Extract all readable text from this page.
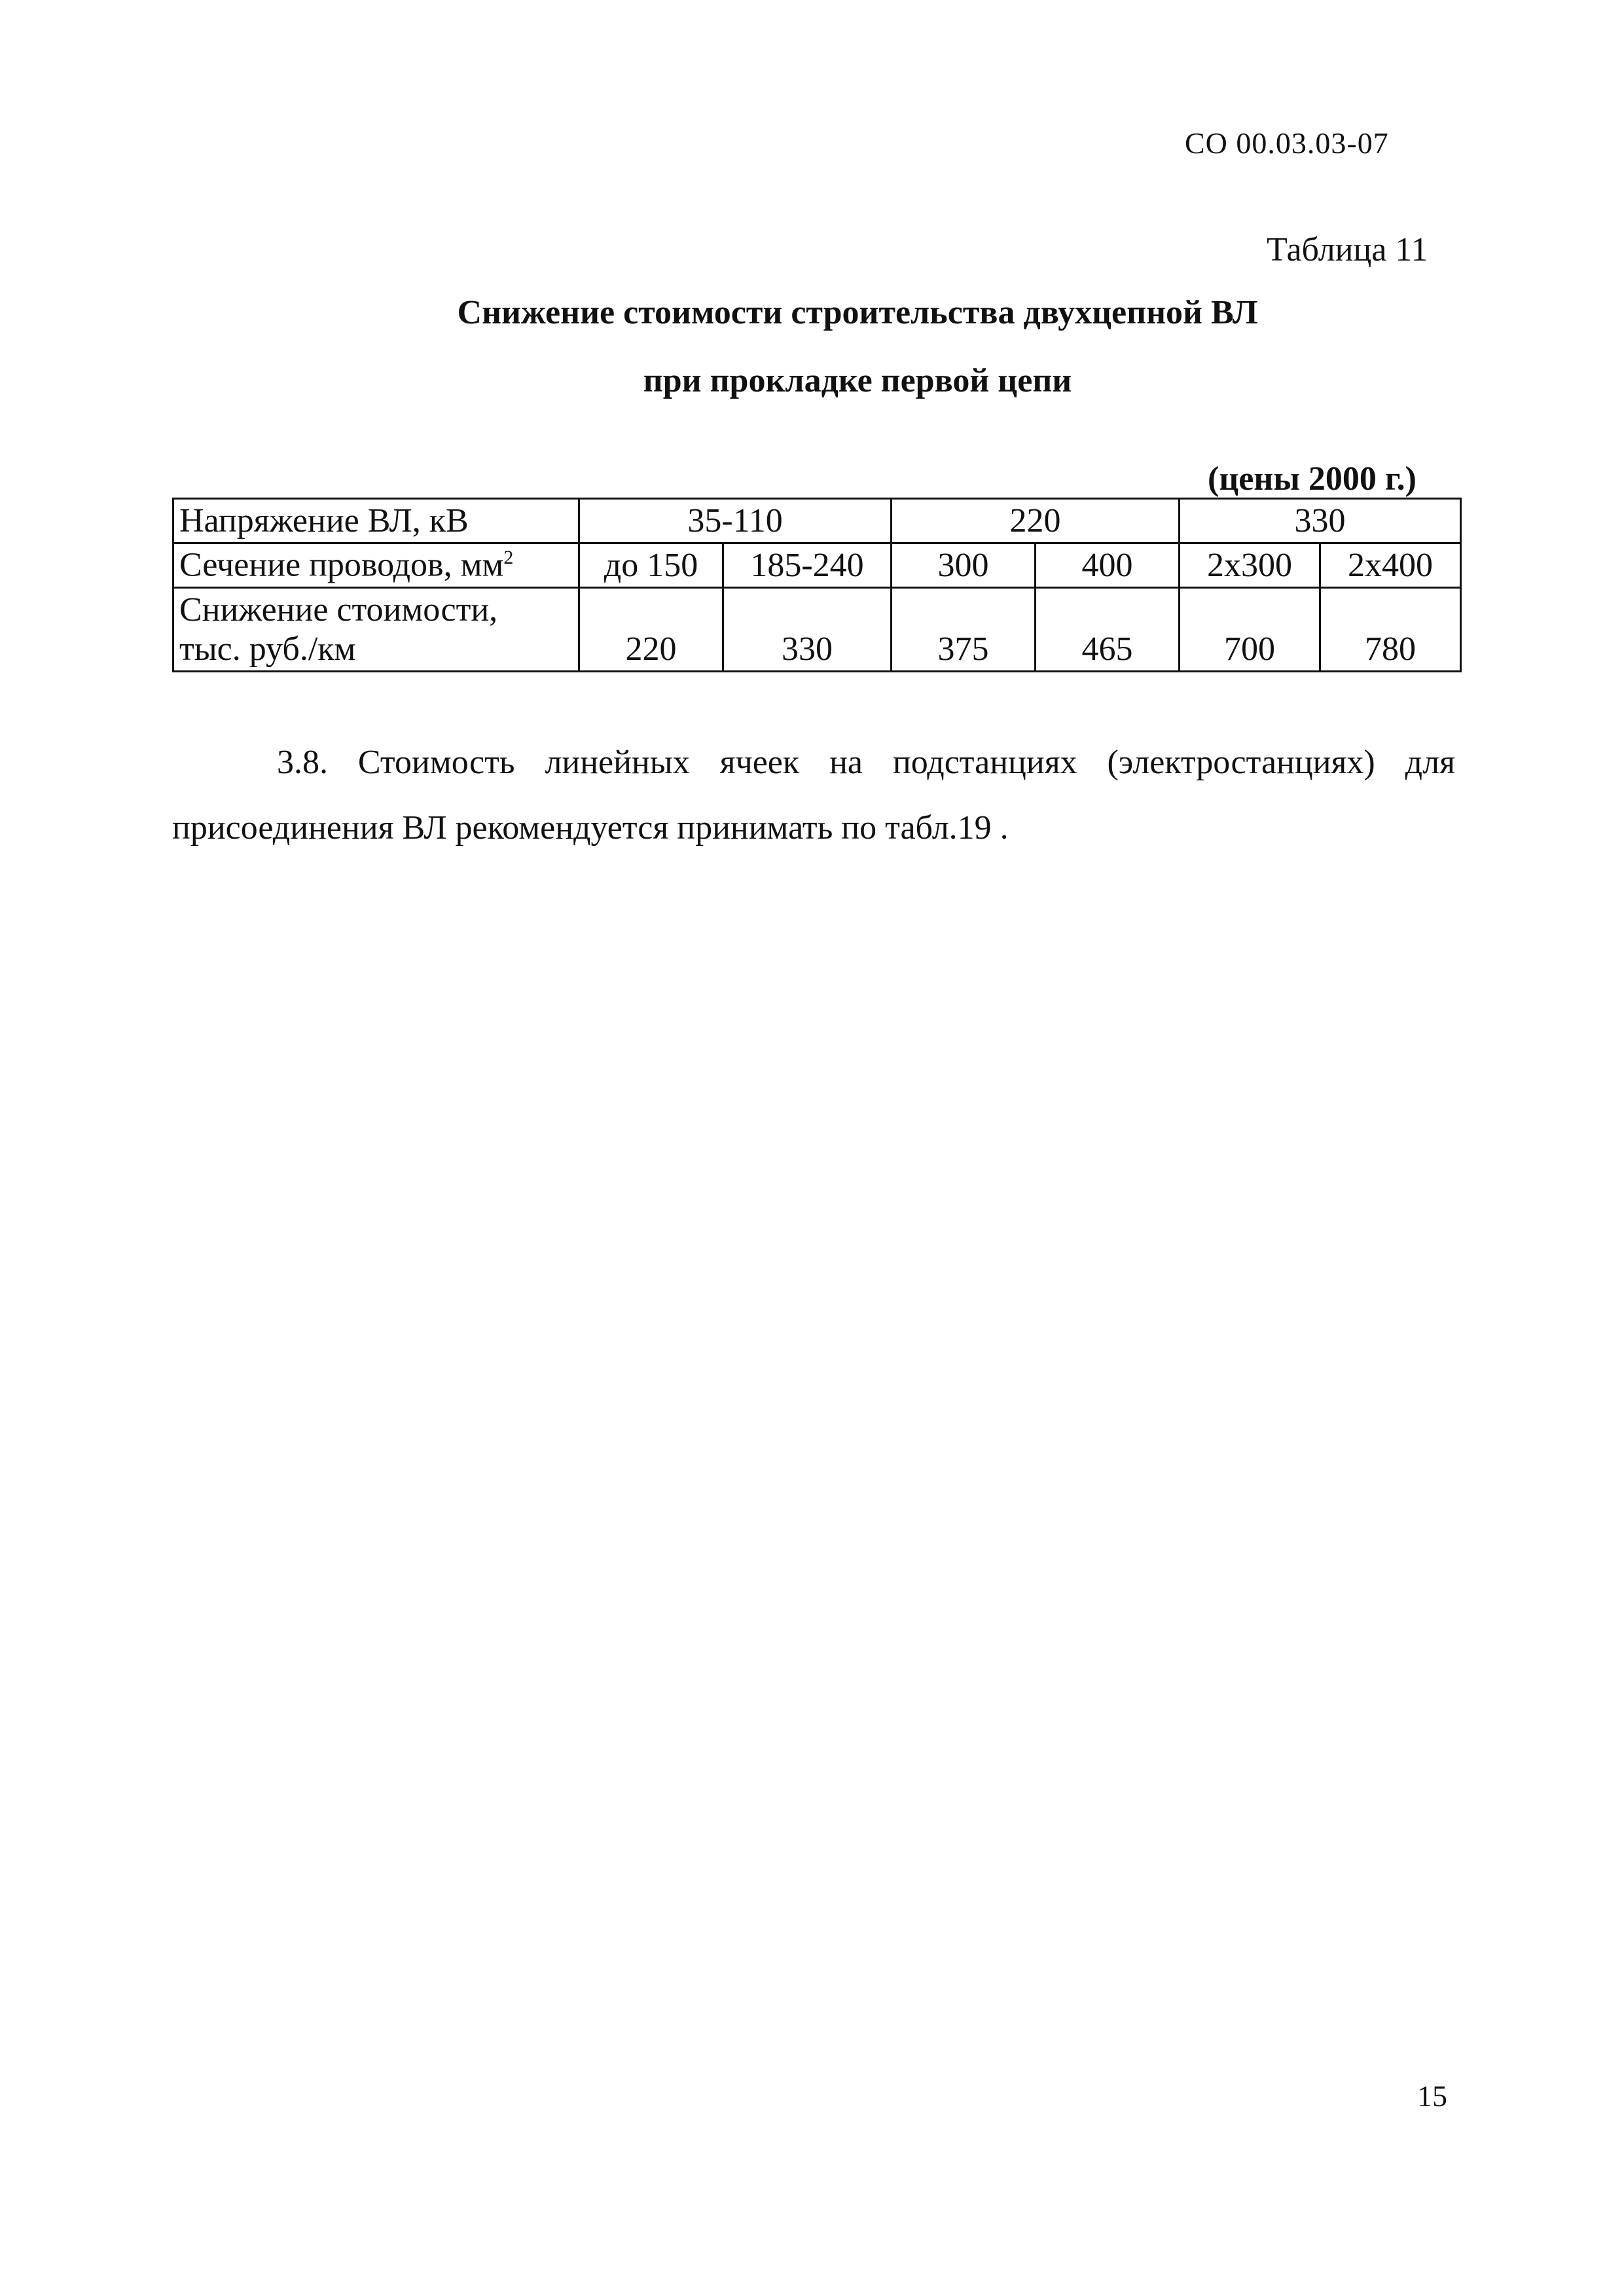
СО 00.03.03-07
Таблица 11
Снижение стоимости строительства двухцепной ВЛ
при прокладке первой цепи
(цены 2000 г.)
Напряжение ВЛ, кВ	35-110		220		330	
Сечение проводов, $мм^2$	до 150	185-240	300	400	2х300	2х400

Снижение стоимости,
тыс. руб./км	220	330	375	465	700	780
3.8. Стоимость линейных ячеек на подстанциях (электростанциях) для присоединения ВЛ рекомендуется принимать по табл.19 .
15
